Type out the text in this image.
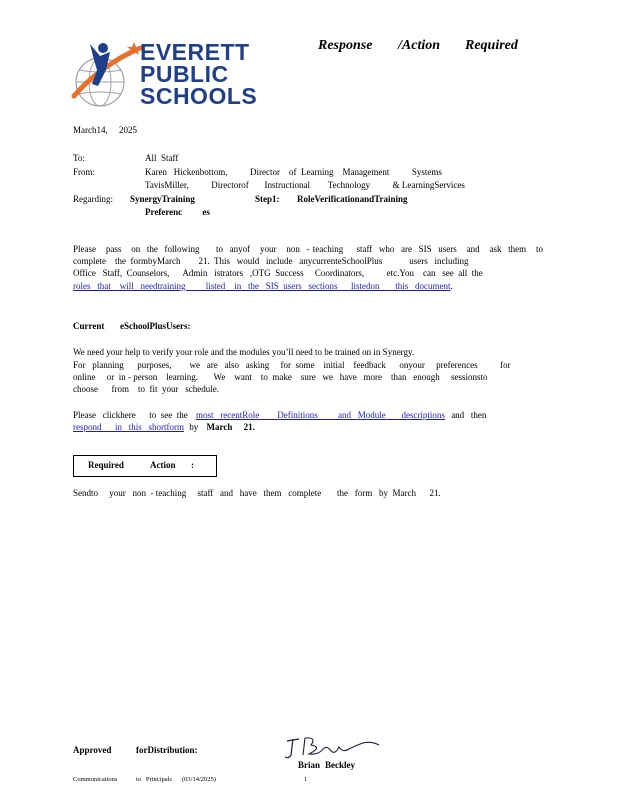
EVERETT
PUBLIC
SCHOOLS
Response /Action Required
March14,     2025
To:	All  Staff
From:	Karen   Hickenbottom,          Director    of  Learning    Management          Systems
TavisMiller,          Directorof       Instructional        Technology          & LearningServices
Regarding: SynergyTraining	Step1: RoleVerificationandTraining
Preferenc         es
Please   pass   on  the  following     to  anyof   your   non  - teaching    staff  who  are  SIS  users   and   ask  them   to
complete    the  formbyMarch        21.  This   would   include   anycurrenteSchoolPlus            users   including
Office   Staff,  Counselors,      Admin   istrators   ,OTG  Success     Coordinators,          etc.You    can   see  all  the
roles   that    will   needtraining         listed    in   the   SIS  users   sections      listedon       this   document.
Current eSchoolPlusUsers:
We need your help to verify your role and the modules you’ll need to be trained on in Synergy.
For   planning      purposes,        we   are   also   asking     for  some    initial    feedback      onyour     preferences          for
online     or  in - person    learning.       We    want    to  make    sure   we   have   more    than   enough     sessionsto
choose      from    to  fit  your   schedule.
Please   clickhere      to  see  the most   recentRole        Definitions         and   Module       descriptions and   then
respond      in   this   shortform by March     21.
Required	Action :
Sendto     your   non  - teaching     staff   and   have   them   complete       the   form   by  March      21.
Approved	forDistribution:
Brian Beckley
Communications	to   Principals (03/14/2025)	1
